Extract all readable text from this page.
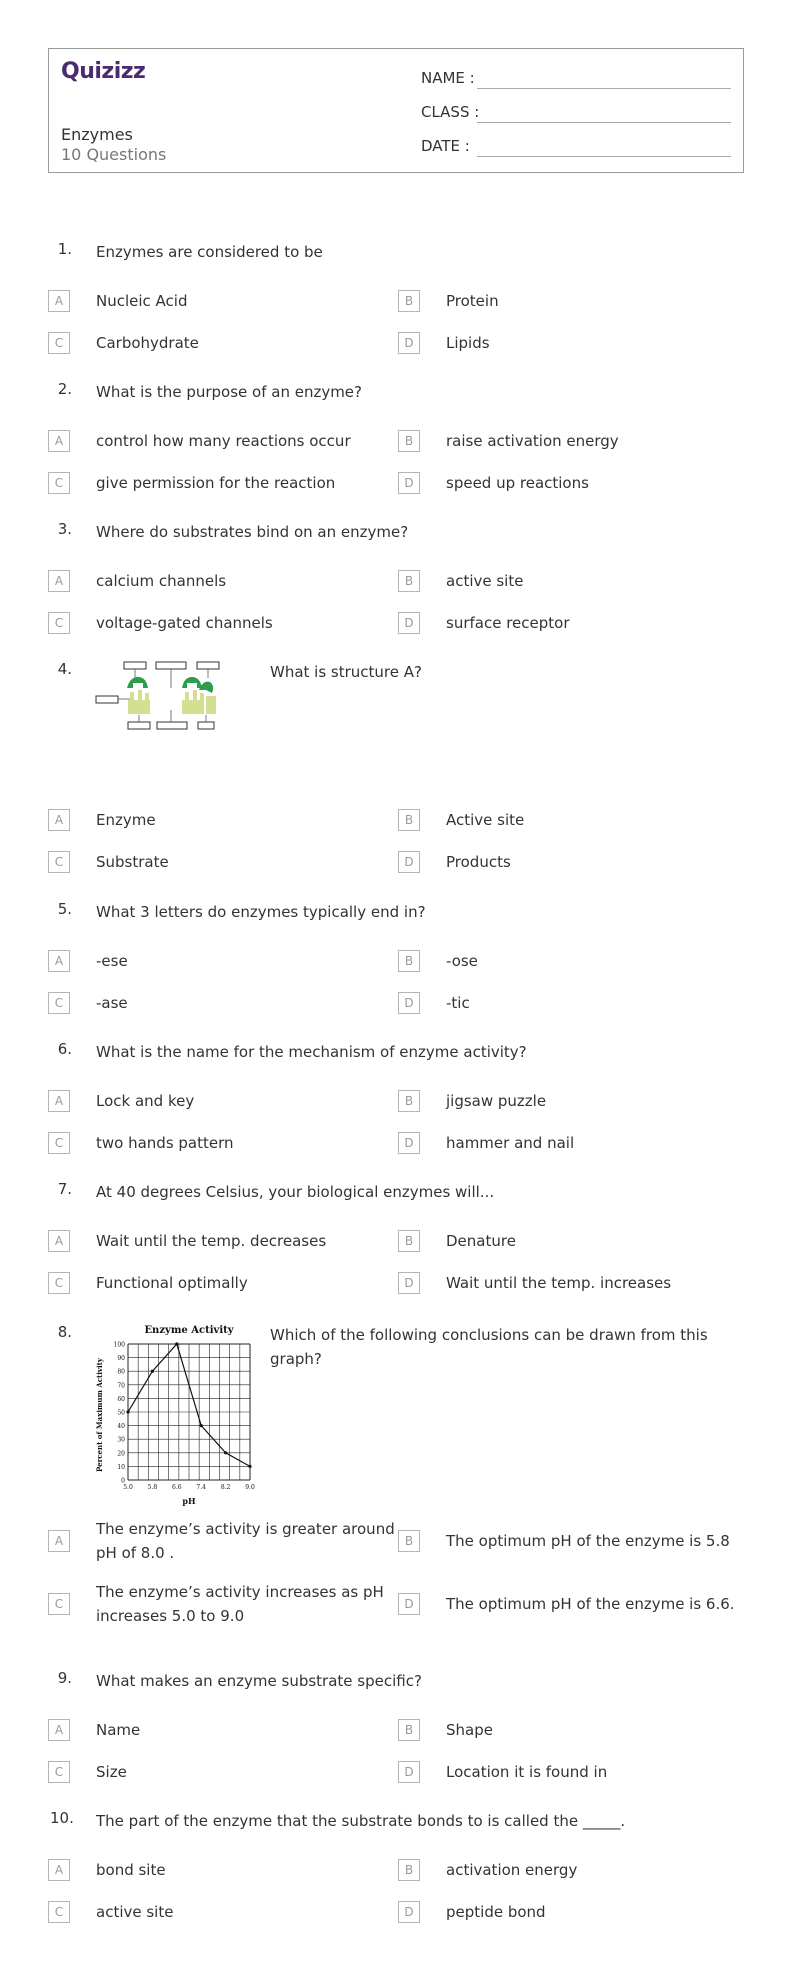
Quizizz
Enzymes
10 Questions
NAME :
CLASS :
DATE :
1. Enzymes are considered to be
A	Nucleic Acid	B	Protein
C	Carbohydrate	D	Lipids
2. What is the purpose of an enzyme?
A	control how many reactions occur	B	raise activation energy
C	give permission for the reaction	D	speed up reactions
3. Where do substrates bind on an enzyme?
A	calcium channels	B	active site
C	voltage-gated channels	D	surface receptor
4.	What is structure A?
A	Enzyme	B	Active site
C	Substrate	D	Products
5. What 3 letters do enzymes typically end in?
A	-ese	B	-ose
C	-ase	D	-tic
6. What is the name for the mechanism of enzyme activity?
A	Lock and key	B	jigsaw puzzle
C	two hands pattern	D	hammer and nail
7. At 40 degrees Celsius, your biological enzymes will...
A	Wait until the temp. decreases	B	Denature
C	Functional optimally	D	Wait until the temp. increases
8.	Enzyme Activity
Percent of Maximum Activity
pH
0
10
20
30
40
50
60
70
80
90
100
5.0 5.8 6.6 7.4 8.2 9.0
Which of the following conclusions can be drawn from this graph?
A
The enzyme’s activity is greater around pH of 8.0 .
B	The optimum pH of the enzyme is 5.8
C
The enzyme’s activity increases as pH increases 5.0 to 9.0
D	The optimum pH of the enzyme is 6.6.
9. What makes an enzyme substrate specific?
A	Name	B	Shape
C	Size	D	Location it is found in
10. The part of the enzyme that the substrate bonds to is called the _____.
A	bond site	B	activation energy
C	active site	D	peptide bond
